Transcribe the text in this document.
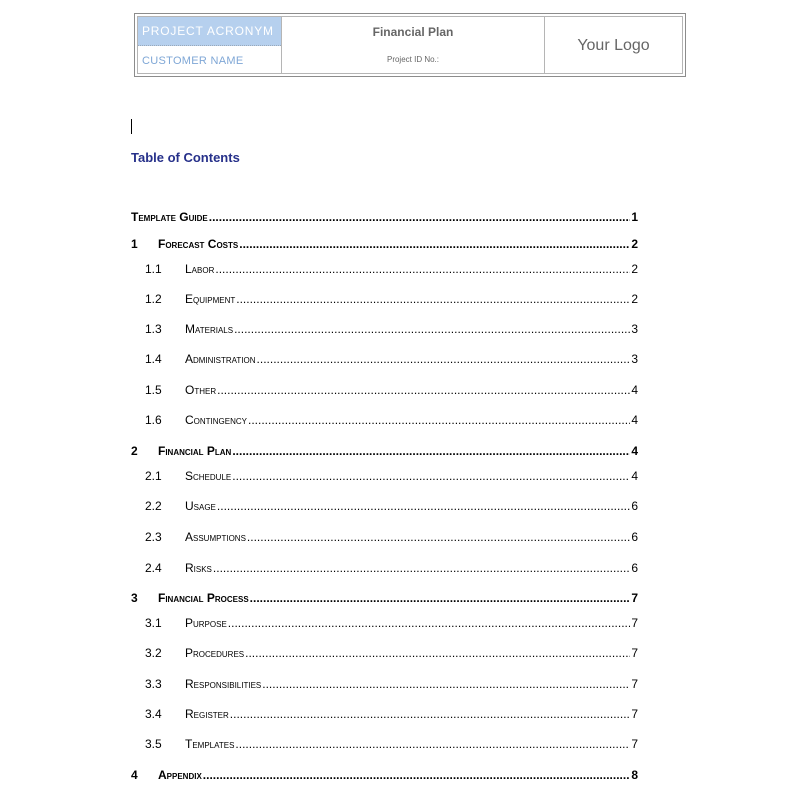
PROJECT ACRONYM
CUSTOMER NAME
Financial Plan
Project ID No.:
Your Logo
Table of Contents
Template Guide .....	1
1	Forecast Costs .....	2
1.1	Labor .....	2
1.2	Equipment .....	2
1.3	Materials .....	3
1.4	Administration .....	3
1.5	Other .....	4
1.6	Contingency .....	4
2	Financial Plan .....	4
2.1	Schedule .....	4
2.2	Usage .....	6
2.3	Assumptions .....	6
2.4	Risks .....	6
3	Financial Process .....	7
3.1	Purpose .....	7
3.2	Procedures .....	7
3.3	Responsibilities .....	7
3.4	Register .....	7
3.5	Templates .....	7
4	Appendix .....	8
